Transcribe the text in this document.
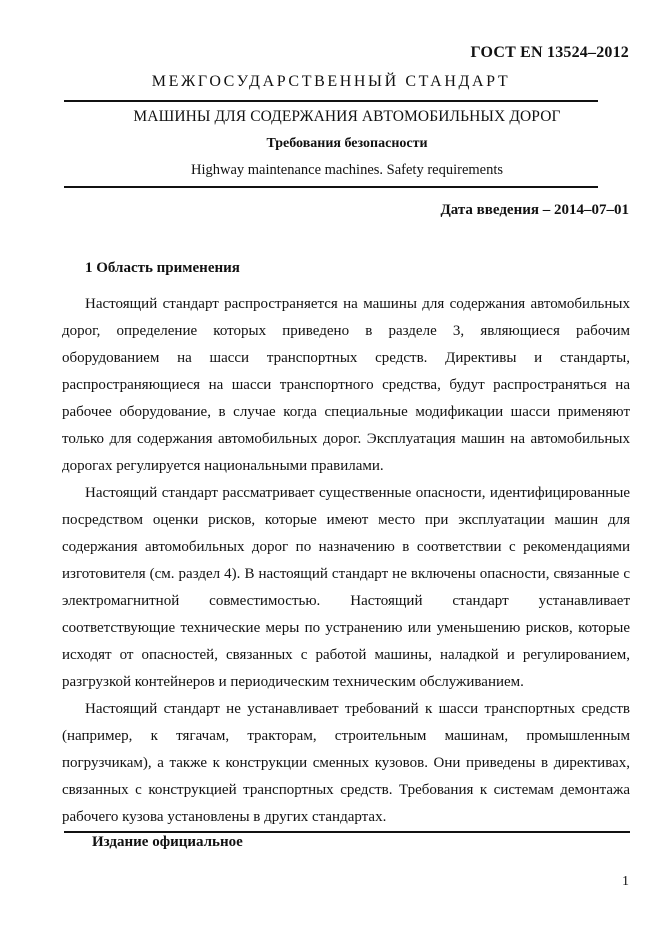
ГОСТ EN 13524–2012
МЕЖГОСУДАРСТВЕННЫЙ СТАНДАРТ
МАШИНЫ ДЛЯ СОДЕРЖАНИЯ АВТОМОБИЛЬНЫХ ДОРОГ
Требования безопасности
Highway maintenance machines. Safety requirements
Дата введения – 2014–07–01
1 Область применения

Настоящий стандарт распространяется на машины для содержания автомобильных дорог, определение которых приведено в разделе 3, являющиеся рабочим оборудованием на шасси транспортных средств. Директивы и стандарты, распространяющиеся на шасси транспортного средства, будут распространяться на рабочее оборудование, в случае когда специальные модификации шасси применяют только для содержания автомобильных дорог. Эксплуатация машин на автомобильных дорогах регулируется национальными правилами.

Настоящий стандарт рассматривает существенные опасности, идентифицированные посредством оценки рисков, которые имеют место при эксплуатации машин для содержания автомобильных дорог по назначению в соответствии с рекомендациями изготовителя (см. раздел 4). В настоящий стандарт не включены опасности, связанные с электромагнитной совместимостью. Настоящий стандарт устанавливает соответствующие технические меры по устранению или уменьшению рисков, которые исходят от опасностей, связанных с работой машины, наладкой и регулированием, разгрузкой контейнеров и периодическим техническим обслуживанием.

Настоящий стандарт не устанавливает требований к шасси транспортных средств (например, к тягачам, тракторам, строительным машинам, промышленным погрузчикам), а также к конструкции сменных кузовов. Они приведены в директивах, связанных с конструкцией транспортных средств. Требования к системам демонтажа рабочего кузова установлены в других стандартах.

Издание официальное
1
